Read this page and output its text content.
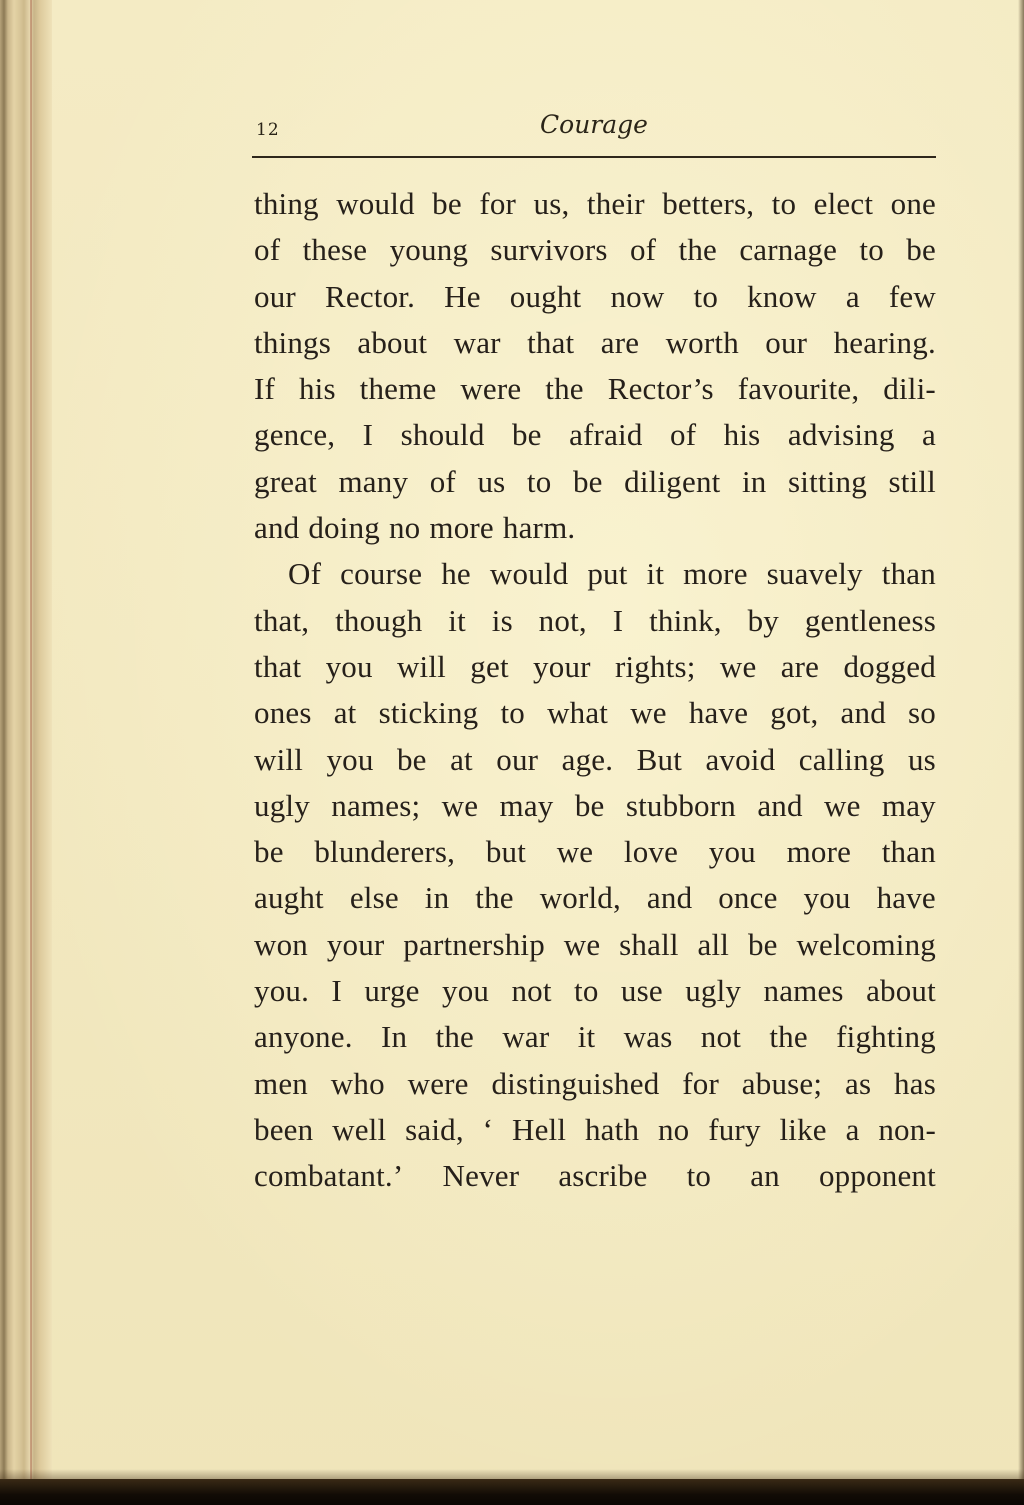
12	Courage
thing would be for us, their betters, to elect one
of these young survivors of the carnage to be
our Rector. He ought now to know a few
things about war that are worth our hearing.
If his theme were the Rector’s favourite, dili-
gence, I should be afraid of his advising a
great many of us to be diligent in sitting still
and doing no more harm.
Of course he would put it more suavely than
that, though it is not, I think, by gentleness
that you will get your rights; we are dogged
ones at sticking to what we have got, and so
will you be at our age. But avoid calling us
ugly names; we may be stubborn and we may
be blunderers, but we love you more than
aught else in the world, and once you have
won your partnership we shall all be welcoming
you. I urge you not to use ugly names about
anyone. In the war it was not the fighting
men who were distinguished for abuse; as has
been well said, ‘ Hell hath no fury like a non-
combatant.’ Never ascribe to an opponent
